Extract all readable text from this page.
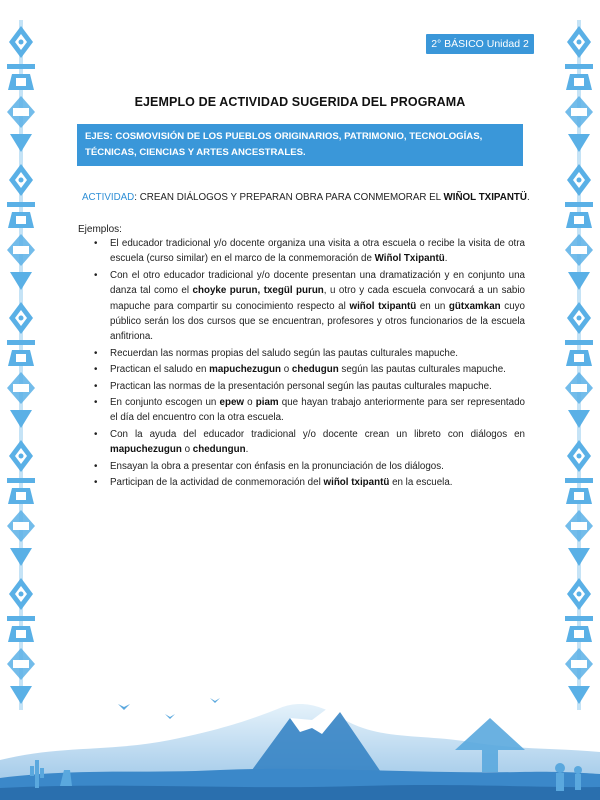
2° BÁSICO Unidad 2
EJEMPLO DE ACTIVIDAD SUGERIDA DEL PROGRAMA
EJES: COSMOVISIÓN DE LOS PUEBLOS ORIGINARIOS, PATRIMONIO, TECNOLOGÍAS,
TÉCNICAS, CIENCIAS Y ARTES ANCESTRALES.
ACTIVIDAD: CREAN DIÁLOGOS Y PREPARAN OBRA PARA CONMEMORAR EL WIÑOL TXIPANTÜ.
Ejemplos:
• El educador tradicional y/o docente organiza una visita a otra escuela o recibe la visita de otra escuela (curso similar) en el marco de la conmemoración de Wiñol Txipantü.
• Con el otro educador tradicional y/o docente presentan una dramatización y en conjunto una danza tal como el choyke purun, txegül purun, u otro y cada escuela convocará a un sabio mapuche para compartir su conocimiento respecto al wiñol txipantü en un gütxamkan cuyo público serán los dos cursos que se encuentran, profesores y otros funcionarios de la escuela anfitriona.
• Recuerdan las normas propias del saludo según las pautas culturales mapuche.
• Practican el saludo en mapuchezugun o chedugun según las pautas culturales mapuche.
• Practican las normas de la presentación personal según las pautas culturales mapuche.
• En conjunto escogen un epew o piam que hayan trabajo anteriormente para ser representado el día del encuentro con la otra escuela.
• Con la ayuda del educador tradicional y/o docente crean un libreto con diálogos en mapuchezugun o chedungun.
• Ensayan la obra a presentar con énfasis en la pronunciación de los diálogos.
• Participan de la actividad de conmemoración del wiñol txipantü en la escuela.
